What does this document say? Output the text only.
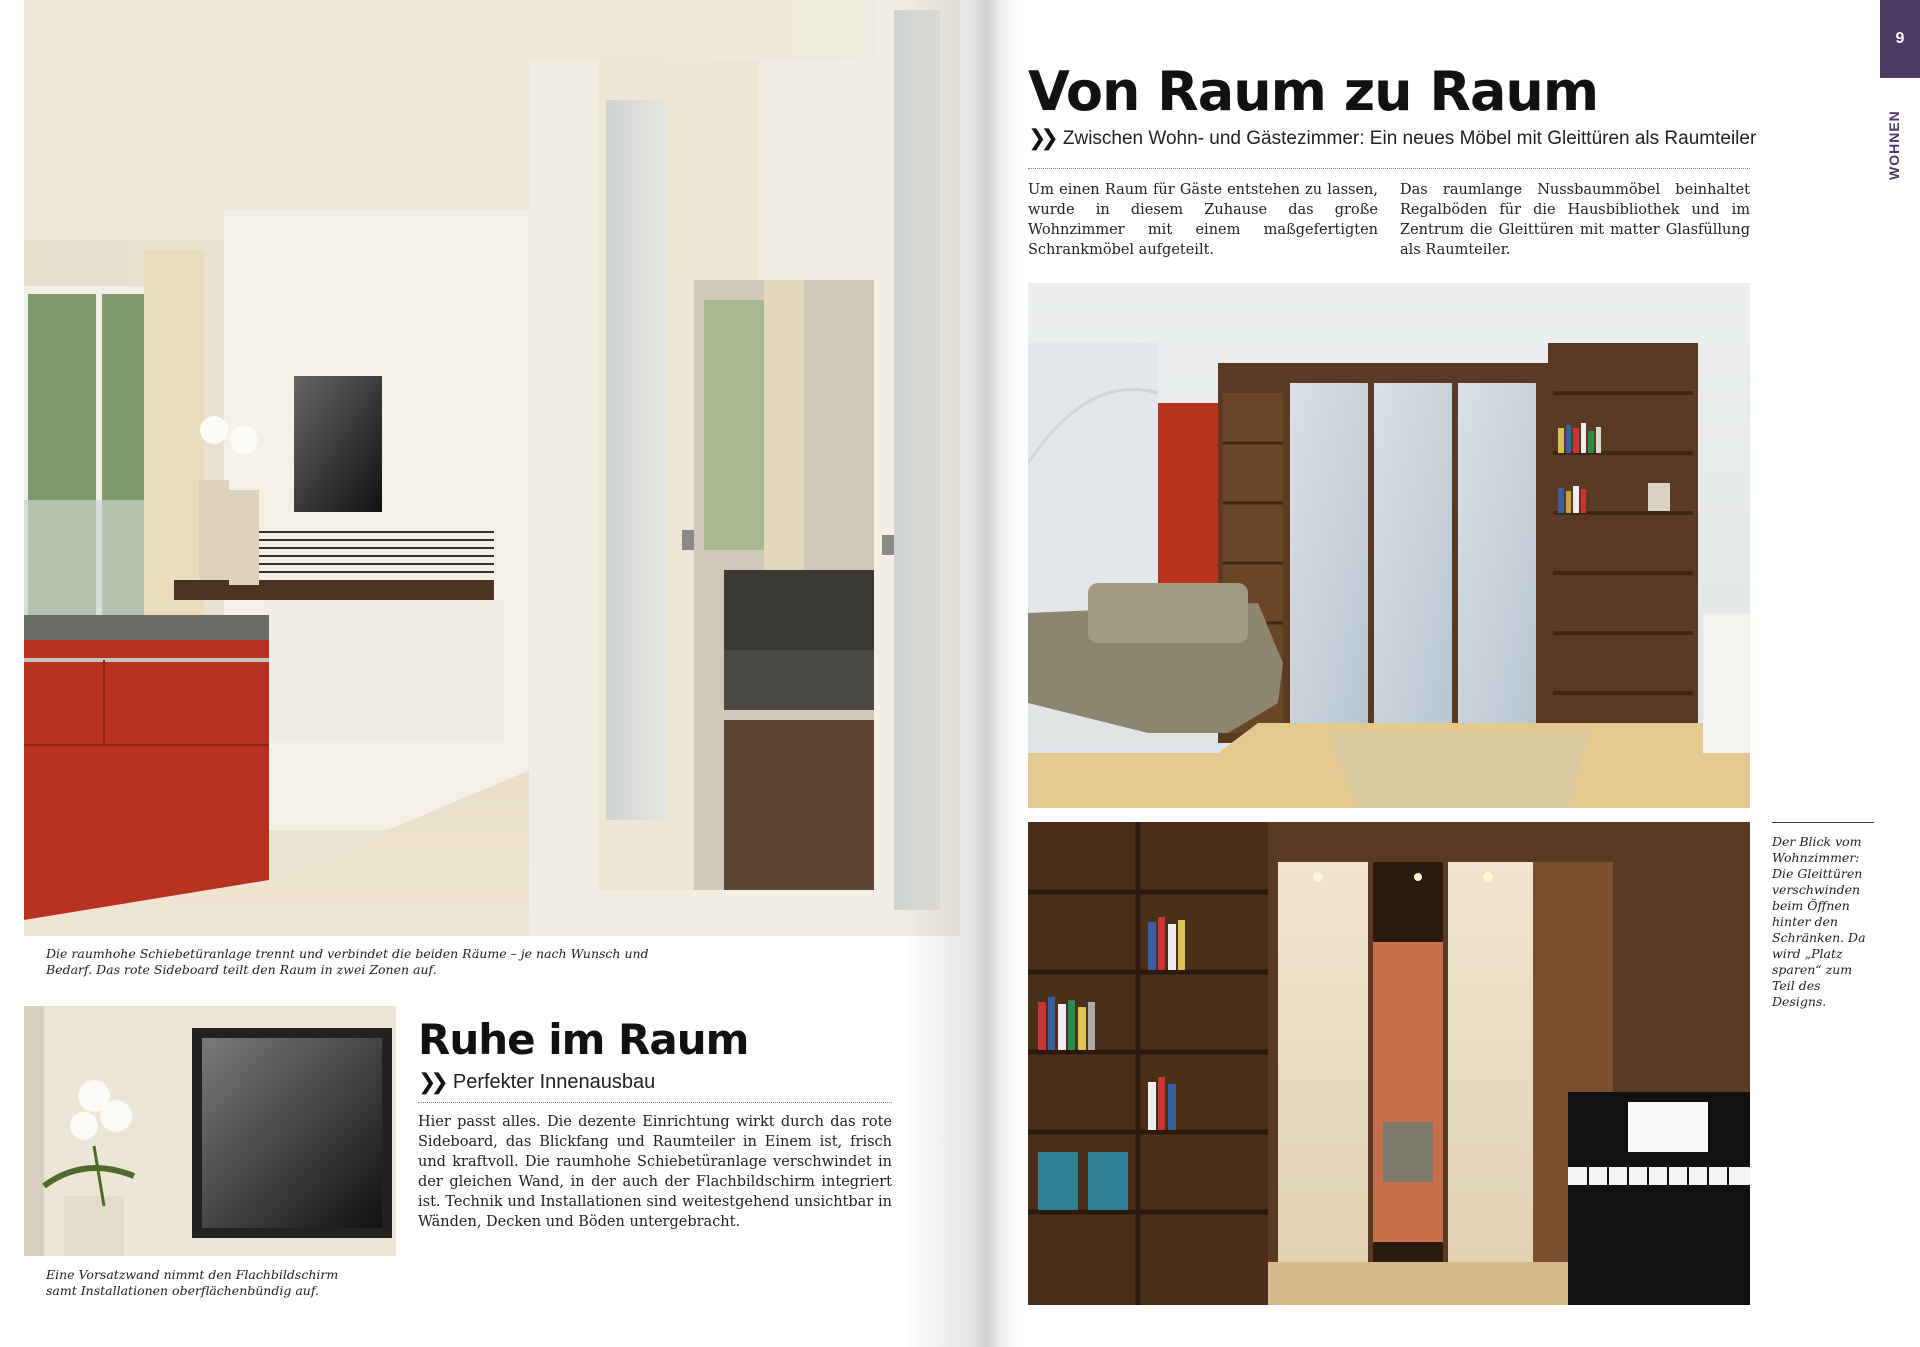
Die raumhohe Schiebetüranlage trennt und verbindet die beiden Räume – je nach Wunsch und Bedarf. Das rote Sideboard teilt den Raum in zwei Zonen auf.
Eine Vorsatzwand nimmt den Flachbildschirm samt Installationen oberflächenbündig auf.
Ruhe im Raum
❯❯ Perfekter Innenausbau
Hier passt alles. Die dezente Einrichtung wirkt durch das rote Sideboard, das Blickfang und Raumteiler in Einem ist, frisch und kraftvoll. Die raumhohe Schiebetüranlage verschwindet in der gleichen Wand, in der auch der Flachbildschirm integriert ist. Technik und Installationen sind weitestgehend unsichtbar in Wänden, Decken und Böden untergebracht.
Von Raum zu Raum
❯❯ Zwischen Wohn- und Gästezimmer: Ein neues Möbel mit Gleittüren als Raumteiler
Um einen Raum für Gäste entstehen zu lassen, wurde in diesem Zuhause das große Wohnzimmer mit einem maßgefertigten Schrankmöbel aufgeteilt.
Das raumlange Nussbaummöbel beinhaltet Regalböden für die Hausbibliothek und im Zentrum die Gleittüren mit matter Glasfüllung als Raumteiler.
Der Blick vom Wohnzimmer: Die Gleittüren verschwinden beim Öffnen hinter den Schränken. Da wird „Platz sparen“ zum Teil des Designs.
9
WOHNEN
